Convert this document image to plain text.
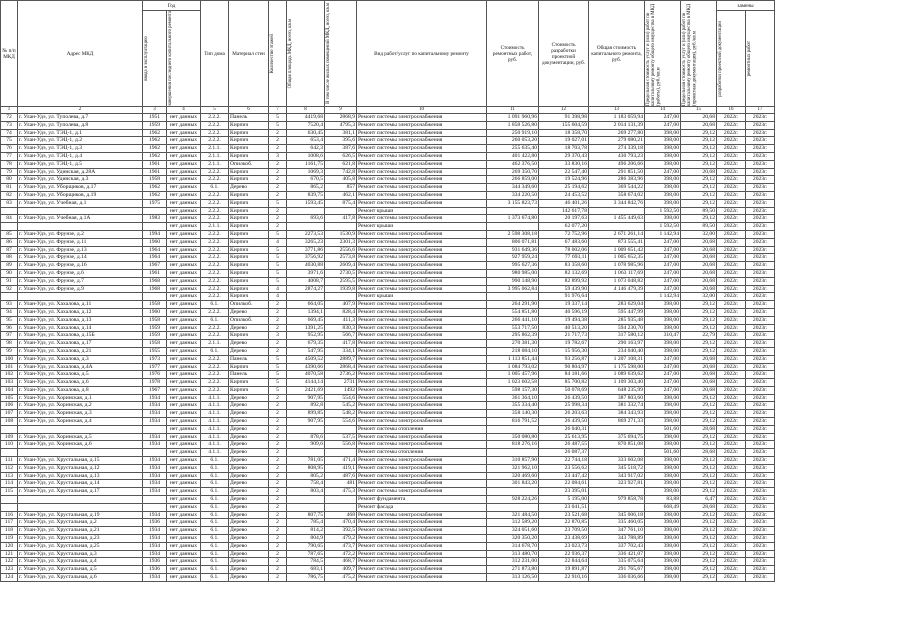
№ п/п МКД	Адрес МКД	Год		Тип дома	Материал стен	Количество этажей	Общая площадь МКД, всего, кв.м	В том числе жилых помещений МКД, всего, кв.м	Вид работ/услуг по капитальному ремонту	Стоимость ремонтных работ, руб.	Стоимость разработки проектной документации, руб.	Общая стоимость капитального ремонта, руб.	Предельная стоимость услуг и (или) работ по капитальному ремонту общего имущества в МКД (работы), руб./кв.м	Предельная стоимость услуг и (или) работ по капитальному ремонту общего имущества в МКД (проектная документация), руб./кв.м	замены		

		ввода в эксплуатацию	завершения последнего капитального ремонта												разработки проектной документации	ремонтных работ	

1	2	3	4	5	6	7	8	9	10	11	12	13	14	15	16	17	
72	г. Улан-Удэ, ул. Туполева, д.7	1951	нет данных	2.2.2.	Панель	5	4419,68	2868,9	Ремонт системы электроснабжения	1 091 960,96	91 398,98	1 183 059,94	247,00	20,68	2022г.	2023г.	
73	г. Улан-Удэ, ул. Туполева, д.8	1959	нет данных	2.2.2.	Кирпич	5	7520,4	4795,3	Ремонт системы электроснабжения	1 858 526,80	155 604,59	2 014 131,39	247,00	20,68	2022г.	2023г.	
74	г. Улан-Удэ, ул. ТЭЦ-1, д.1	1962	нет данных	2.2.2.	Кирпич	2	630,45	381,1	Ремонт системы электроснабжения	250 919,10	18 358,70	269 277,80	398,00	29,12	2022г.	2023г.	
75	г. Улан-Удэ, ул. ТЭЦ-1, д.2	1962	нет данных	2.2.2.	Кирпич	2	653,4	395,6	Ремонт системы электроснабжения	260 053,20	19 027,01	279 080,21	398,00	29,12	2022г.	2023г.	
76	г. Улан-Удэ, ул. ТЭЦ-1, д.3	1962	нет данных	2.1.1.	Кирпич	2	642,3	387,6	Ремонт системы электроснабжения	255 635,40	18 703,78	274 339,18	398,00	29,12	2022г.	2023г.	
77	г. Улан-Удэ, ул. ТЭЦ-1, д.4	1962	нет данных	2.1.1.	Кирпич	3	1008,6	626,5	Ремонт системы электроснабжения	401 422,80	29 370,43	430 793,23	398,00	29,12	2022г.	2023г.	
78	г. Улан-Удэ, ул. ТЭЦ-1, д.5	1961	нет данных	2.1.1.	Опилкоб.	2	1161,75	621,8	Ремонт системы электроснабжения	462 376,50	33 830,16	496 206,66	398,00	29,12	2022г.	2023г.	
79	г. Улан-Удэ, ул. Удинская, д.28А	1961	нет данных	2.2.2.	Кирпич	2	1069,3	742,8	Ремонт системы электроснабжения	269 350,70	22 547,40	291 851,50	247,00	20,68	2022г.	2023г.	
80	г. Улан-Удэ, ул. Удинская, д.3	1958	нет данных	2.2.2.	Кирпич	2	670,5	405,8	Ремонт системы электроснабжения	266 859,00	19 524,96	286 383,96	398,00	29,12	2022г.	2023г.	
81	г. Улан-Удэ, ул. Уборщиков, д.17	1962	нет данных	6.1.	Дерево	2	865,2	857	Ремонт системы электроснабжения	344 349,60	25 194,62	369 544,22	398,00	29,12	2022г.	2023г.	
82	г. Улан-Удэ, ул. Уборщиков, д.19	1962	нет данных	2.2.2.	Кирпич	2	839,75	462,1	Ремонт системы электроснабжения	334 220,50	24 453,52	358 674,02	398,00	29,12	2022г.	2023г.	
83	г. Улан-Удэ, ул. Учебная, д.1	1975	нет данных	2.2.2.	Кирпич	5	1593,45	875,4	Ремонт системы электроснабжения	3 155 823,73	46 401,26	3 344 842,76	398,00	29,12	2022г.	2023г.	
			нет данных	2.2.2.	Кирпич	2			Ремонт крыши		142 617,78		1 592,50	89,50	2022г.	2023г.	
84	г. Улан-Удэ, ул. Учебная, д.1А	1983	нет данных	2.2.2.	Кирпич	2	693,6	417,8	Ремонт системы электроснабжения	1 373 674,80	20 197,63	1 455 449,63	398,00	29,12	2022г.	2023г.	
			нет данных	2.1.1.	Кирпич	2			Ремонт крыши		62 077,20		1 592,50	89,50	2022г.	2023г.	
85	г. Улан-Удэ, ул. Фрунзе, д.2	1994	нет данных	2.2.2.	Кирпич	5	2273,53	1530,9	Ремонт системы электроснабжения	2 598 308,18	72 752,96	2 671 261,14	1 142,94	32,00	2022г.	2023г.	
86	г. Улан-Удэ, ул. Фрунзе, д.11	1960	нет данных	2.2.2.	Кирпич	4	3265,23	2301,3	Ремонт системы электроснабжения	806 071,81	67 483,60	873 555,41	247,00	20,68	2022г.	2023г.	
87	г. Улан-Удэ, ул. Фрунзе, д.13	1964	нет данных	2.2.2.	Кирпич	5	3771,86	2556,6	Ремонт системы электроснабжения	931 649,36	78 002,06	1 009 651,42	247,00	20,68	2022г.	2023г.	
88	г. Улан-Удэ, ул. Фрунзе, д.14	1964	нет данных	2.2.2.	Кирпич	5	3756,92	2573,8	Ремонт системы электроснабжения	927 959,24	77 693,11	1 005 652,35	247,00	20,68	2022г.	2023г.	
89	г. Улан-Удэ, ул. Фрунзе, д.16	1967	нет данных	2.2.2.	Кирпич	5	4030,88	2609,4	Ремонт системы электроснабжения	995 627,36	83 358,60	1 078 985,96	247,00	20,68	2022г.	2023г.	
90	г. Улан-Удэ, ул. Фрунзе, д.6	1961	нет данных	2.2.2.	Кирпич	5	3971,6	2730,5	Ремонт системы электроснабжения	980 985,00	82 132,69	1 063 117,69	247,00	20,68	2022г.	2023г.	
91	г. Улан-Удэ, ул. Фрунзе, д.7	1968	нет данных	2.2.2.	Кирпич	5	4008,7	2595,5	Ремонт системы электроснабжения	990 148,90	82 899,92	1 073 048,82	247,00	20,68	2022г.	2023г.	
92	г. Улан-Удэ, ул. Фрунзе, д.9	1968	нет данных	2.2.2.	Кирпич	4	2874,27	1939,8	Ремонт системы электроснабжения	3 995 062,84	59 439,90	4 146 479,39	247,00	20,68	2022г.	2023г.	
			нет данных	2.2.2.	Кирпич	4			Ремонт крыши		91 976,64		1 142,94	32,00	2022г.	2023г.	
93	г. Улан-Удэ, ул. Хахалова, д.11	1958	нет данных	6.1.	Опилкоб.	2	664,05	407,9	Ремонт системы электроснабжения	264 291,90	19 337,14	283 629,04	398,00	29,12	2022г.	2023г.	
94	г. Улан-Удэ, ул. Хахалова, д.12	1960	нет данных	2.2.2.	Дерево	2	1394,1	828,4	Ремонт системы электроснабжения	554 851,80	40 596,19	595 447,99	398,00	29,12	2022г.	2023г.	
95	г. Улан-Удэ, ул. Хахалова, д.13	1958	нет данных	6.1.	Опилкоб.	2	669,45	411,3	Ремонт системы электроснабжения	266 441,10	19 494,38	285 935,48	398,00	29,12	2022г.	2023г.	
96	г. Улан-Удэ, ул. Хахалова, д.14	1959	нет данных	2.2.2.	Дерево	2	1391,25	830,3	Ремонт системы электроснабжения	553 717,50	40 513,20	594 230,70	398,00	29,12	2022г.	2023г.	
97	г. Улан-Удэ, ул. Хахалова, д.15Б	1959	нет данных	2.2.2.	Кирпич	3	952,95	566,7	Ремонт системы электроснабжения	295 862,39	21 717,73	317 580,12	310,47	22,79	2022г.	2023г.	
98	г. Улан-Удэ, ул. Хахалова, д.17	1958	нет данных	2.1.1.	Дерево	2	679,35	417,8	Ремонт системы электроснабжения	270 381,30	19 782,67	290 163,97	398,00	29,12	2022г.	2023г.	
99	г. Улан-Удэ, ул. Хахалова, д.21	1955	нет данных	6.1.	Дерево	2	547,95	334,1	Ремонт системы электроснабжения	218 084,10	15 956,30	234 040,40	398,00	29,12	2022г.	2023г.	
100	г. Улан-Удэ, ул. Хахалова, д.3	1973	нет данных	2.2.2.	Панель	5	4509,52	2889,7	Ремонт системы электроснабжения	1 113 851,44	93 256,87	1 207 108,31	247,00	20,68	2022г.	2023г.	
101	г. Улан-Удэ, ул. Хахалова, д.4А	1977	нет данных	2.2.2.	Кирпич	5	4390,66	2868,4	Ремонт системы электроснабжения	1 084 793,02	90 804,97	1 175 598,00	247,00	20,68	2022г.	2023г.	
102	г. Улан-Удэ, ул. Хахалова, д.5	1976	нет данных	2.2.2.	Панель	5	4070,58	2736,2	Ремонт системы электроснабжения	1 005 457,96	84 181,66	1 089 639,62	247,00	20,68	2022г.	2023г.	
103	г. Улан-Удэ, ул. Хахалова, д.6	1978	нет данных	2.2.2.	Кирпич	5	4144,14	2731	Ремонт системы электроснабжения	1 023 602,58	85 700,82	1 109 303,40	247,00	20,68	2022г.	2023г.	
104	г. Улан-Удэ, ул. Хахалова, д.8	1967	нет данных	2.2.2.	Кирпич	5	2421,69	1492	Ремонт системы электроснабжения	598 157,30	50 078,69	648 235,99	247,00	20,68	2022г.	2023г.	
105	г. Улан-Удэ, ул. Хоринская, д.1	1934	нет данных	4.1.1.	Дерево	2	907,95	554,6	Ремонт системы электроснабжения	361 364,10	26 439,50	387 803,60	398,00	29,12	2022г.	2023г.	
106	г. Улан-Удэ, ул. Хоринская, д.2	1934	нет данных	4.1.1.	Дерево	2	892,8	545,2	Ремонт системы электроснабжения	355 334,40	25 998,34	381 332,74	398,00	29,12	2022г.	2023г.	
107	г. Улан-Удэ, ул. Хоринская, д.3	1934	нет данных	4.1.1.	Дерево	2	899,85	548,2	Ремонт системы электроснабжения	358 140,30	26 203,63	384 343,93	398,00	29,12	2022г.	2023г.	
108	г. Улан-Удэ, ул. Хоринская, д.4	1934	нет данных	4.1.1.	Дерево	2	907,95	554,6	Ремонт системы электроснабжения	816 791,52	26 439,50	869 271,33	398,00	29,12	2022г.	2023г.	
			нет данных	4.1.1.	Дерево	2			Ремонт системы отопления		26 040,31		501,60	28,68	2022г.	2023г.	
109	г. Улан-Удэ, ул. Хоринская, д.5	1934	нет данных	4.1.1.	Дерево	2	878,6	537,5	Ремонт системы электроснабжения	350 080,80	25 613,95	375 694,75	398,00	29,12	2022г.	2023г.	
110	г. Улан-Удэ, ул. Хоринская, д.6	1934	нет данных	4.1.1.	Дерево	2	909,6	556,8	Ремонт системы электроснабжения	818 276,16	26 487,55	870 851,08	398,00	29,12	2022г.	2023г.	
			нет данных	4.1.1.	Дерево	2			Ремонт системы отопления		26 087,37		501,60	28,68	2022г.	2023г.	
111	г. Улан-Удэ, ул. Хрустальная, д.15	1934	нет данных	6.1.	Дерево	2	781,05	471,4	Ремонт системы электроснабжения	310 857,90	22 744,18	333 602,08	398,00	29,12	2022г.	2023г.	
112	г. Улан-Удэ, ул. Хрустальная, д.12	1934	нет данных	6.1.	Дерево	2	808,95	419,1	Ремонт системы электроснабжения	321 962,10	23 556,62	345 518,72	398,00	29,12	2022г.	2023г.	
113	г. Улан-Удэ, ул. Хрустальная, д.13	1934	нет данных	6.1.	Дерево	2	805,2	487,6	Ремонт системы электроснабжения	320 469,60	23 447,42	343 917,02	398,00	29,12	2022г.	2023г.	
114	г. Улан-Удэ, ул. Хрустальная, д.14	1934	нет данных	6.1.	Дерево	2	758,4	481	Ремонт системы электроснабжения	301 843,20	22 084,61	323 927,81	398,00	29,12	2022г.	2023г.	
115	г. Улан-Удэ, ул. Хрустальная, д.17	1934	нет данных	6.1.	Дерево	2	803,4	475,3	Ремонт системы электроснабжения		23 395,01		398,00	29,12	2022г.	2023г.	
			нет данных	6.1.	Дерево	2			Ремонт фундамента	928 224,26	5 195,00	979 858,78	83,88	6,47	2022г.	2023г.	
			нет данных	6.1.	Дерево	2			Ремонт фасада		23 041,51		668,49	28,68	2022г.	2023г.	
116	г. Улан-Удэ, ул. Хрустальная, д.19	1934	нет данных	6.1.	Дерево	2	807,75	468	Ремонт системы электроснабжения	321 484,50	23 521,68	345 006,18	398,00	29,12	2022г.	2023г.	
117	г. Улан-Удэ, ул. Хрустальная, д.2	1936	нет данных	6.1.	Дерево	2	785,4	470,4	Ремонт системы электроснабжения	312 589,20	22 870,85	335 460,05	398,00	29,12	2022г.	2023г.	
118	г. Улан-Удэ, ул. Хрустальная, д.21	1934	нет данных	6.1.	Дерево	2	814,2	392,5	Ремонт системы электроснабжения	324 051,60	23 709,50	347 761,10	398,00	29,12	2022г.	2023г.	
119	г. Улан-Удэ, ул. Хрустальная, д.23	1934	нет данных	6.1.	Дерево	2	804,9	479,2	Ремонт системы электроснабжения	320 350,20	23 438,69	343 788,89	398,00	29,12	2022г.	2023г.	
120	г. Улан-Удэ, ул. Хрустальная, д.25	1934	нет данных	6.1.	Дерево	2	790,65	473,7	Ремонт системы электроснабжения	314 678,70	23 023,73	337 702,43	398,00	29,12	2022г.	2023г.	
121	г. Улан-Удэ, ул. Хрустальная, д.3	1934	нет данных	6.1.	Дерево	2	787,65	472,2	Ремонт системы электроснабжения	313 480,70	22 936,37	336 421,07	398,00	29,12	2022г.	2023г.	
122	г. Улан-Удэ, ул. Хрустальная, д.4	1936	нет данных	6.1.	Дерево	2	784,5	468,7	Ремонт системы электроснабжения	312 231,00	22 844,64	335 075,64	398,00	29,12	2022г.	2023г.	
123	г. Улан-Удэ, ул. Хрустальная, д.5	1936	нет данных	6.1.	Дерево	2	683,1	409,7	Ремонт системы электроснабжения	271 873,80	19 891,87	291 765,67	398,00	29,12	2022г.	2023г.	
124	г. Улан-Удэ, ул. Хрустальная, д.6	1934	нет данных	6.1.	Дерево	2	786,75	475,2	Ремонт системы электроснабжения	313 126,50	22 910,16	336 036,66	398,00	29,12	2022г.	2023г.	
